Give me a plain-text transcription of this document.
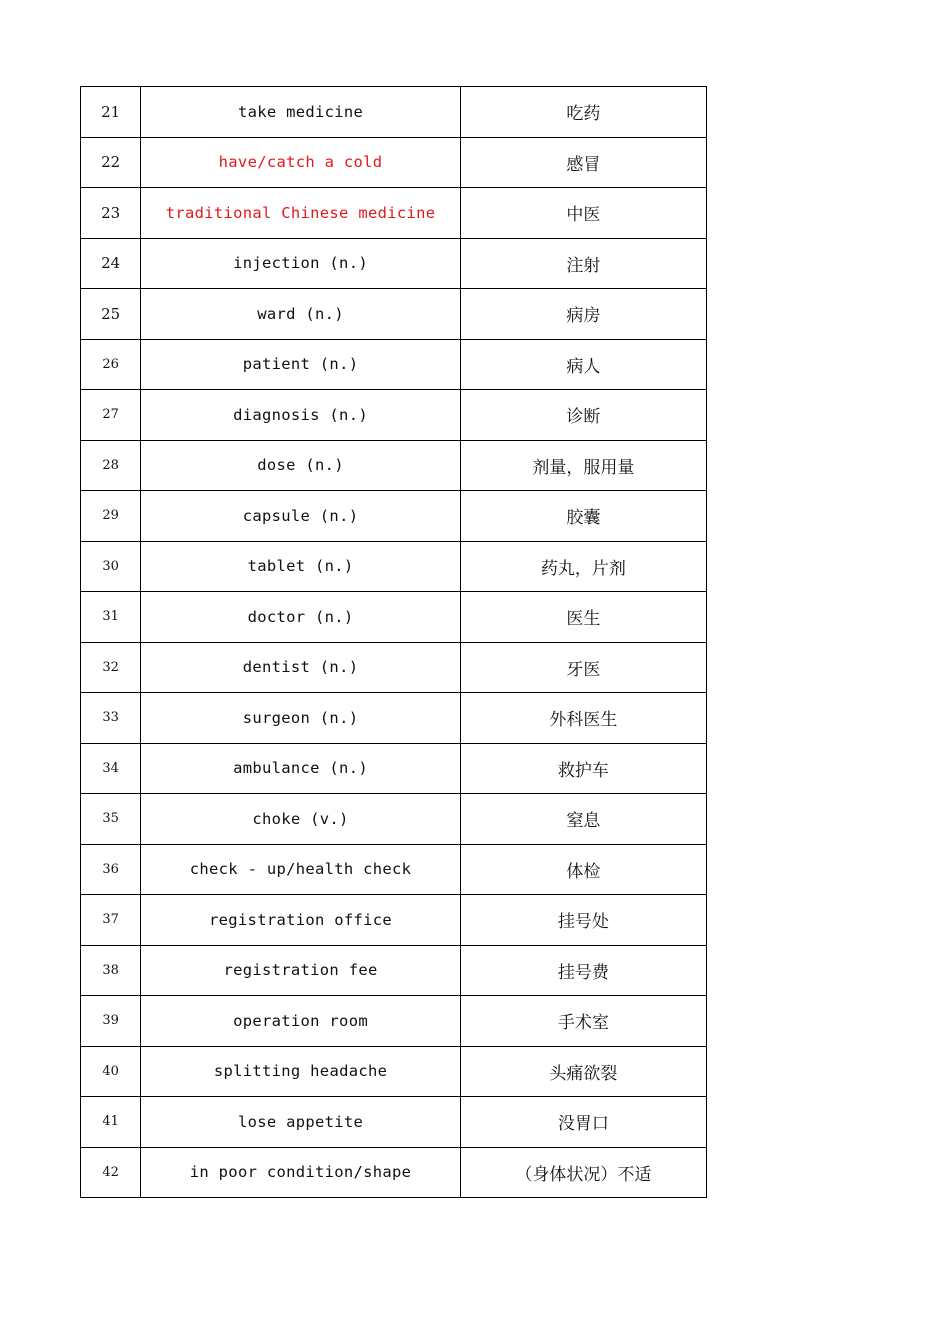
21	take medicine	吃药
22	have/catch a cold	感冒
23	traditional Chinese medicine	中医
24	injection (n.)	注射
25	ward (n.)	病房
26	patient (n.)	病人
27	diagnosis (n.)	诊断
28	dose (n.)	剂量，服用量
29	capsule (n.)	胶囊
30	tablet (n.)	药丸，片剂
31	doctor (n.)	医生
32	dentist (n.)	牙医
33	surgeon (n.)	外科医生
34	ambulance (n.)	救护车
35	choke (v.)	窒息
36	check - up/health check	体检
37	registration office	挂号处
38	registration fee	挂号费
39	operation room	手术室
40	splitting headache	头痛欲裂
41	lose appetite	没胃口
42	in poor condition/shape	（身体状况）不适
